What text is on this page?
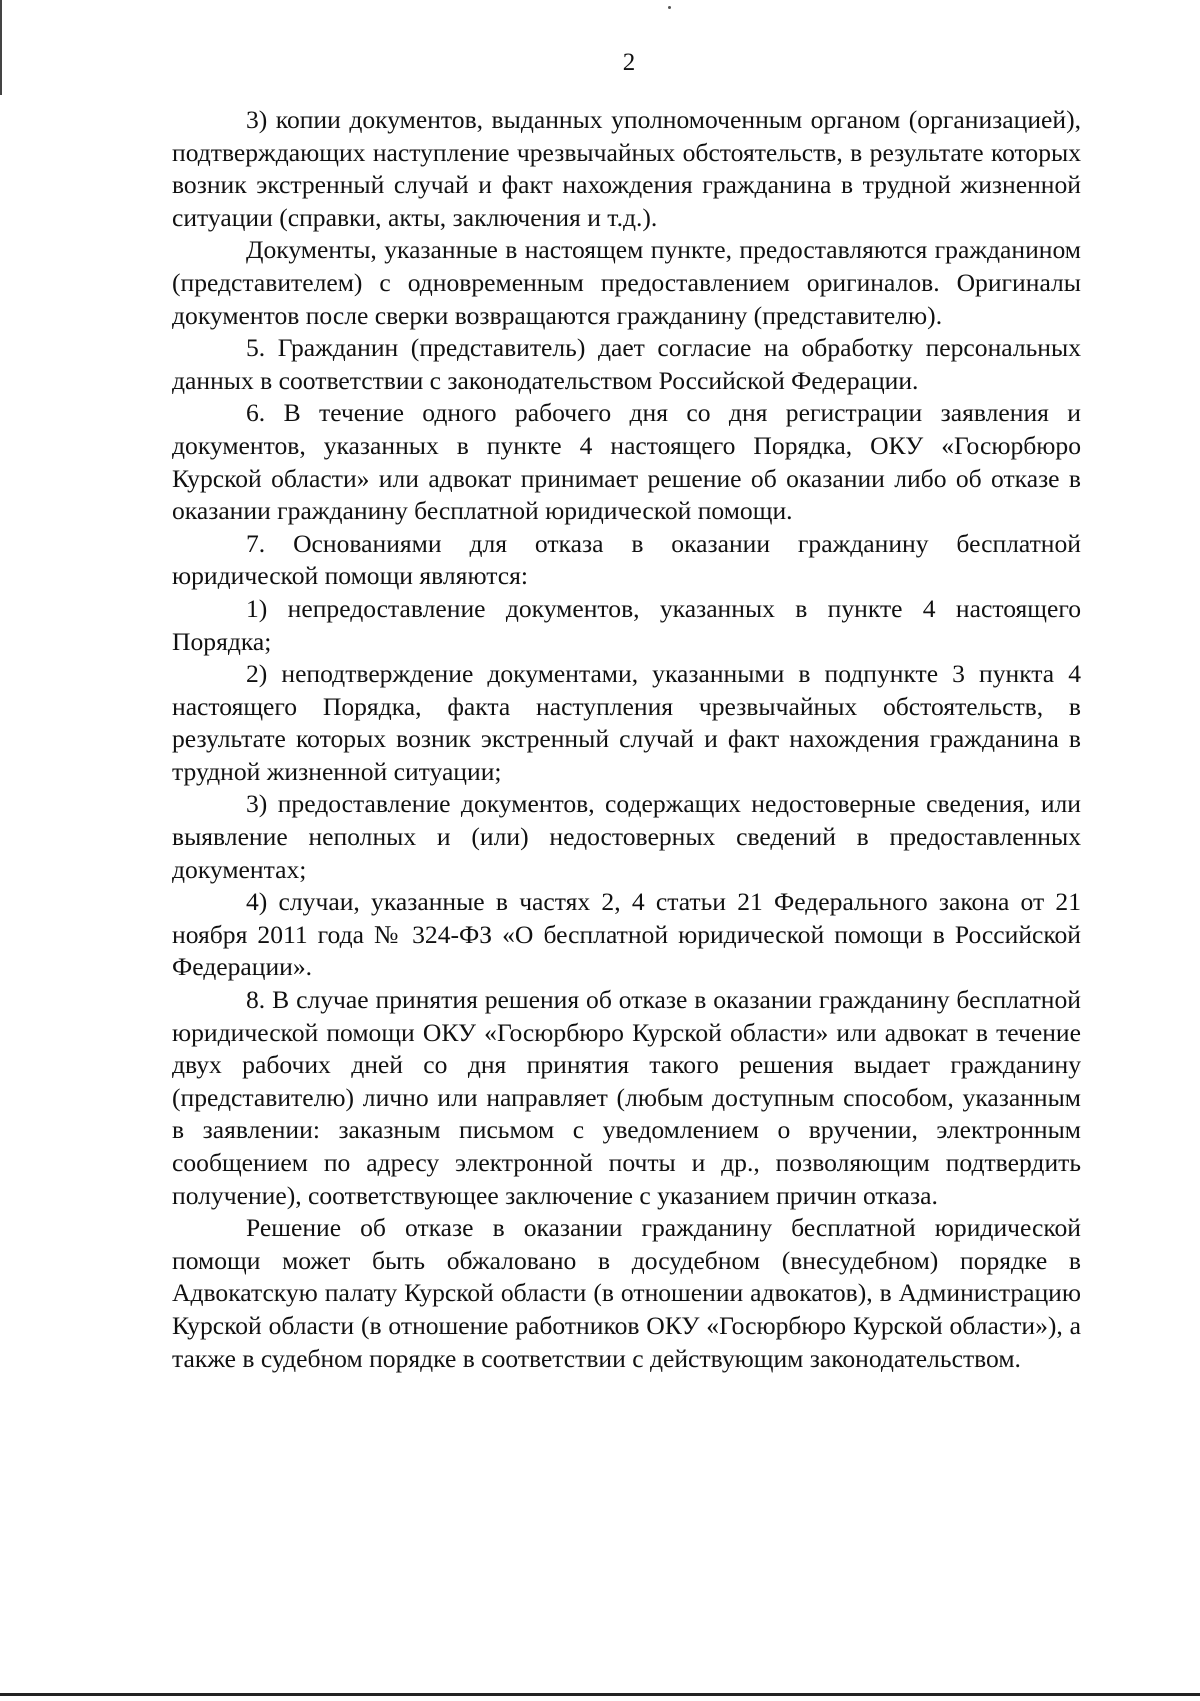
2

3) копии документов, выданных уполномоченным органом (организацией), подтверждающих наступление чрезвычайных обстоятельств, в результате которых возник экстренный случай и факт нахождения гражданина в трудной жизненной ситуации (справки, акты, заключения и т.д.).

Документы, указанные в настоящем пункте, предоставляются гражданином (представителем) с одновременным предоставлением оригиналов. Оригиналы документов после сверки возвращаются гражданину (представителю).

5. Гражданин (представитель) дает согласие на обработку персональных данных в соответствии с законодательством Российской Федерации.

6. В течение одного рабочего дня со дня регистрации заявления и документов, указанных в пункте 4 настоящего Порядка, ОКУ «Госюрбюро Курской области» или адвокат принимает решение об оказании либо об отказе в оказании гражданину бесплатной юридической помощи.

7. Основаниями для отказа в оказании гражданину бесплатной юридической помощи являются:

1) непредоставление документов, указанных в пункте 4 настоящего Порядка;

2) неподтверждение документами, указанными в подпункте 3 пункта 4 настоящего Порядка, факта наступления чрезвычайных обстоятельств, в результате которых возник экстренный случай и факт нахождения гражданина в трудной жизненной ситуации;

3) предоставление документов, содержащих недостоверные сведения, или выявление неполных и (или) недостоверных сведений в предоставленных документах;

4) случаи, указанные в частях 2, 4 статьи 21 Федерального закона от 21 ноября 2011 года № 324-ФЗ «О бесплатной юридической помощи в Российской Федерации».

8. В случае принятия решения об отказе в оказании гражданину бесплатной юридической помощи ОКУ «Госюрбюро Курской области» или адвокат в течение двух рабочих дней со дня принятия такого решения выдает гражданину (представителю) лично или направляет (любым доступным способом, указанным в заявлении: заказным письмом с уведомлением о вручении, электронным сообщением по адресу электронной почты и др., позволяющим подтвердить получение), соответствующее заключение с указанием причин отказа.

Решение об отказе в оказании гражданину бесплатной юридической помощи может быть обжаловано в досудебном (внесудебном) порядке в Адвокатскую палату Курской области (в отношении адвокатов), в Администрацию Курской области (в отношение работников ОКУ «Госюрбюро Курской области»), а также в судебном порядке в соответствии с действующим законодательством.
